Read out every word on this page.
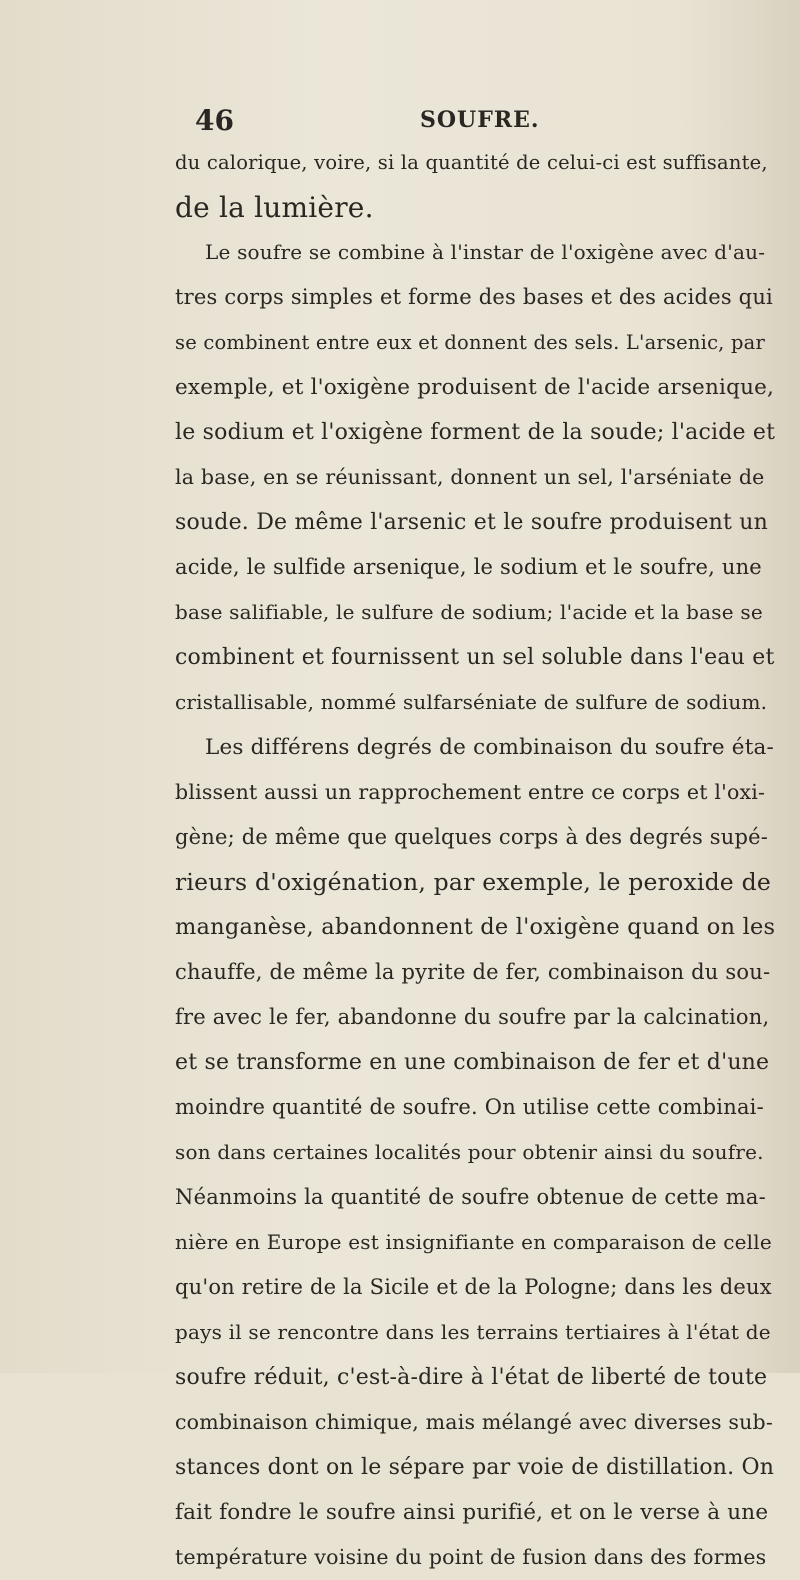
46	SOUFRE.
du calorique, voire, si la quantité de celui-ci est suffisante,
de la lumière.
Le soufre se combine à l'instar de l'oxigène avec d'au-
tres corps simples et forme des bases et des acides qui
se combinent entre eux et donnent des sels. L'arsenic, par
exemple, et l'oxigène produisent de l'acide arsenique,
le sodium et l'oxigène forment de la soude; l'acide et
la base, en se réunissant, donnent un sel, l'arséniate de
soude. De même l'arsenic et le soufre produisent un
acide, le sulfide arsenique, le sodium et le soufre, une
base salifiable, le sulfure de sodium; l'acide et la base se
combinent et fournissent un sel soluble dans l'eau et
cristallisable, nommé sulfarséniate de sulfure de sodium.
Les différens degrés de combinaison du soufre éta-
blissent aussi un rapprochement entre ce corps et l'oxi-
gène; de même que quelques corps à des degrés supé-
rieurs d'oxigénation, par exemple, le peroxide de
manganèse, abandonnent de l'oxigène quand on les
chauffe, de même la pyrite de fer, combinaison du sou-
fre avec le fer, abandonne du soufre par la calcination,
et se transforme en une combinaison de fer et d'une
moindre quantité de soufre. On utilise cette combinai-
son dans certaines localités pour obtenir ainsi du soufre.
Néanmoins la quantité de soufre obtenue de cette ma-
nière en Europe est insignifiante en comparaison de celle
qu'on retire de la Sicile et de la Pologne; dans les deux
pays il se rencontre dans les terrains tertiaires à l'état de
soufre réduit, c'est-à-dire à l'état de liberté de toute
combinaison chimique, mais mélangé avec diverses sub-
stances dont on le sépare par voie de distillation. On
fait fondre le soufre ainsi purifié, et on le verse à une
température voisine du point de fusion dans des formes
